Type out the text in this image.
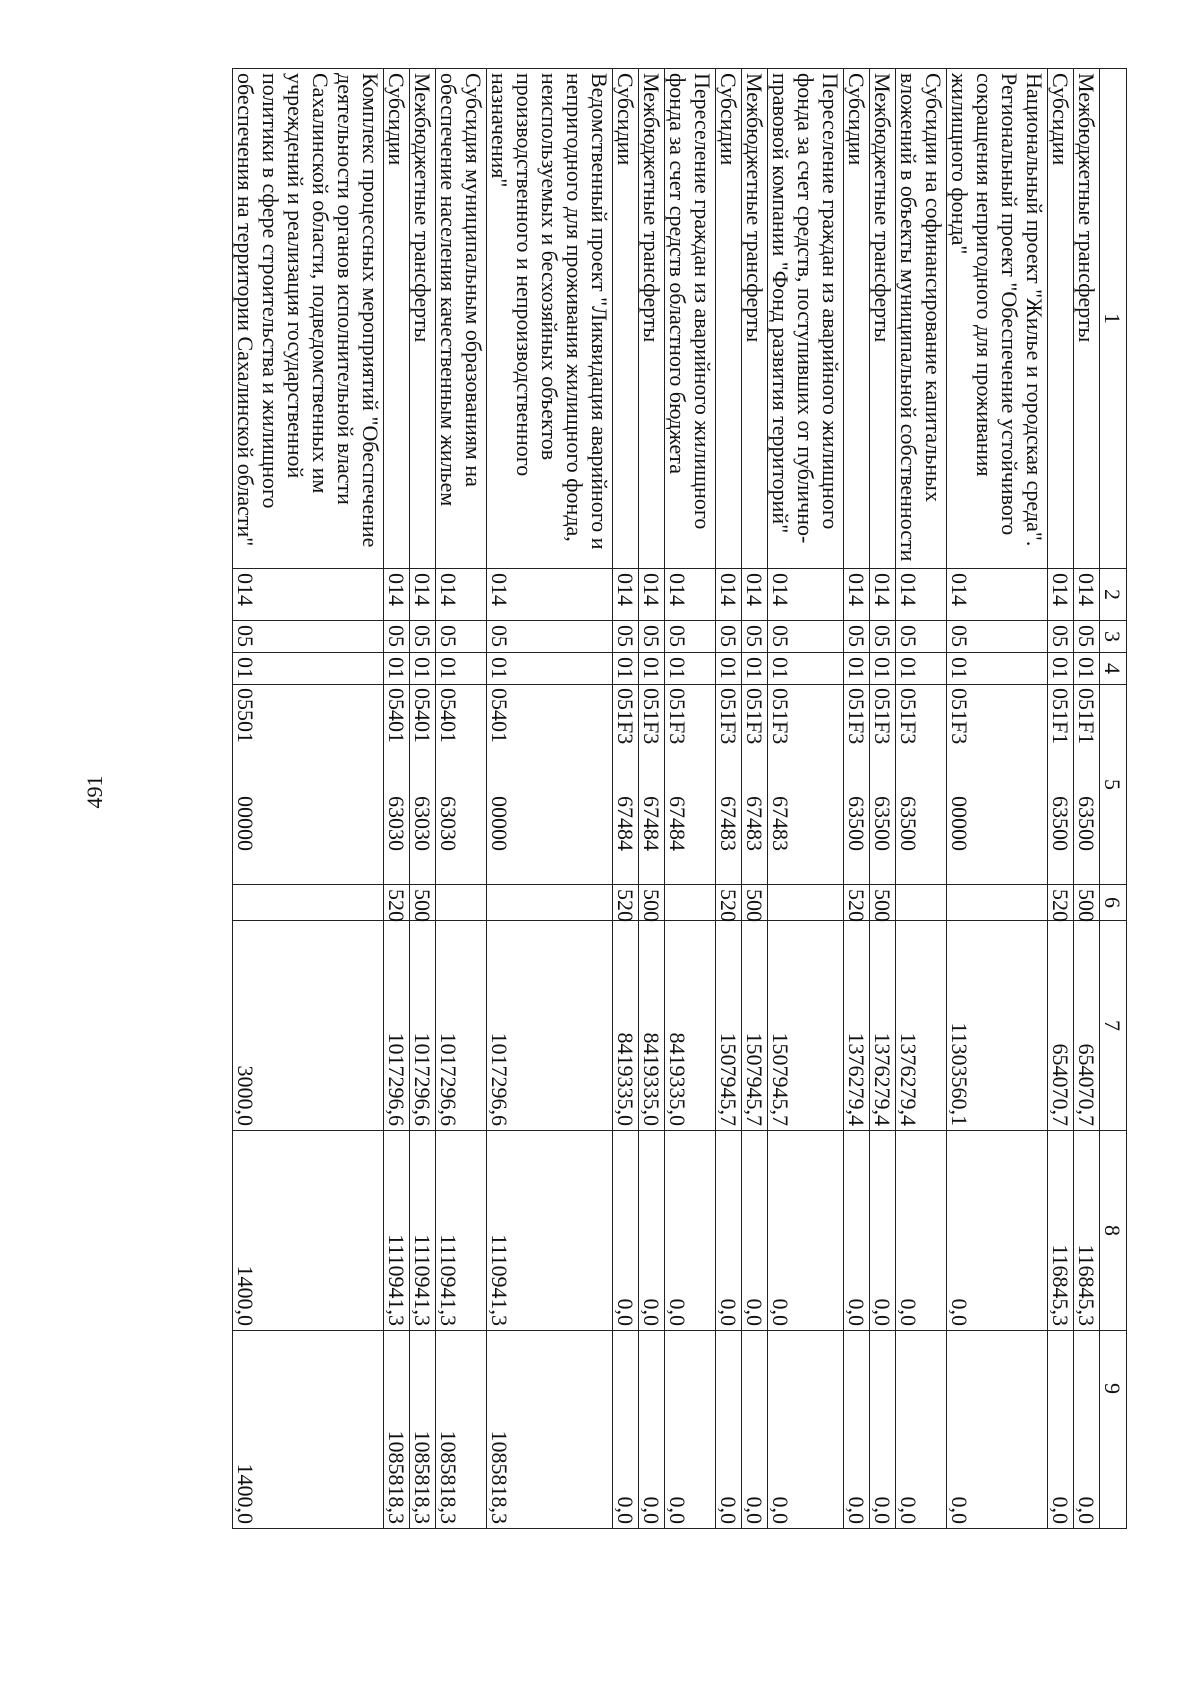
491
1	2	3	4	5	6	7	8	9
Межбюджетные трансферты	014	05	01	051F163500	500	654070,7	116845,3	0,0
Субсидии	014	05	01	051F163500	520	654070,7	116845,3	0,0
Национальный проект "Жилье и городская среда". Региональный проект "Обеспечение устойчивого сокращения непригодного для проживания жилищного фонда"	014	05	01	051F300000		11303560,1	0,0	0,0
Субсидии на софинансирование капитальных вложений в объекты муниципальной собственности	014	05	01	051F363500		1376279,4	0,0	0,0
Межбюджетные трансферты	014	05	01	051F363500	500	1376279,4	0,0	0,0
Субсидии	014	05	01	051F363500	520	1376279,4	0,0	0,0
Переселение граждан из аварийного жилищного фонда за счет средств, поступивших от публично-правовой компании "Фонд развития территорий"	014	05	01	051F367483		1507945,7	0,0	0,0
Межбюджетные трансферты	014	05	01	051F367483	500	1507945,7	0,0	0,0
Субсидии	014	05	01	051F367483	520	1507945,7	0,0	0,0
Переселение граждан из аварийного жилищного фонда за счет средств областного бюджета	014	05	01	051F367484		8419335,0	0,0	0,0
Межбюджетные трансферты	014	05	01	051F367484	500	8419335,0	0,0	0,0
Субсидии	014	05	01	051F367484	520	8419335,0	0,0	0,0
Ведомственный проект "Ликвидация аварийного и непригодного для проживания жилищного фонда, неиспользуемых и бесхозяйных объектов производственного и непроизводственного назначения"	014	05	01	0540100000		1017296,6	1110941,3	1085818,3
Субсидия муниципальным образованиям на обеспечение населения качественным жильем	014	05	01	0540163030		1017296,6	1110941,3	1085818,3
Межбюджетные трансферты	014	05	01	0540163030	500	1017296,6	1110941,3	1085818,3
Субсидии	014	05	01	0540163030	520	1017296,6	1110941,3	1085818,3
Комплекс процессных мероприятий "Обеспечение деятельности органов исполнительной власти Сахалинской области, подведомственных им учреждений и реализация государственной политики в сфере строительства и жилищного обеспечения на территории Сахалинской области"	014	05	01	0550100000		3000,0	1400,0	1400,0
